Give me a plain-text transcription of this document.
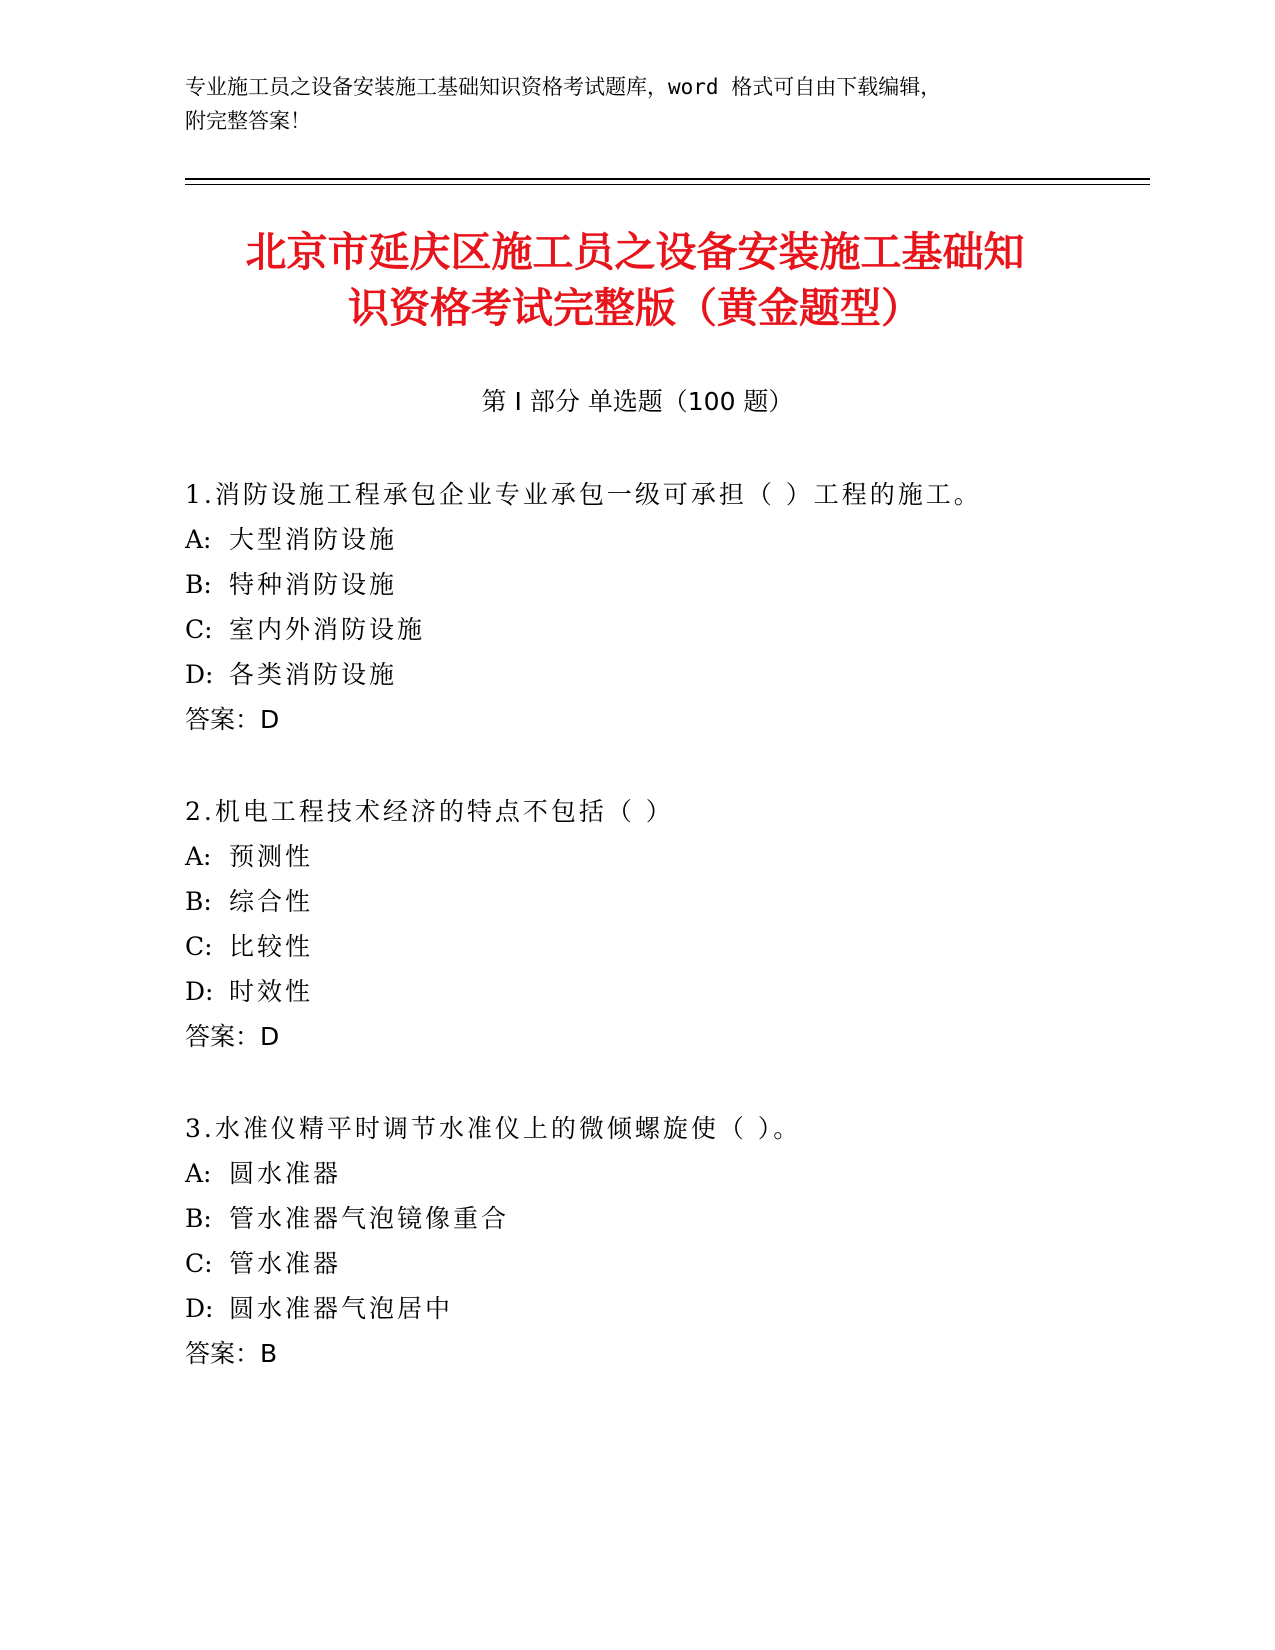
专业施工员之设备安装施工基础知识资格考试题库，word 格式可自由下载编辑，
附完整答案！
北京市延庆区施工员之设备安装施工基础知
识资格考试完整版（黄金题型）
第 I 部分 单选题（100 题）
1.消防设施工程承包企业专业承包一级可承担（ ）工程的施工。
A: 大型消防设施
B: 特种消防设施
C: 室内外消防设施
D: 各类消防设施
答案：D
2.机电工程技术经济的特点不包括（ ）
A: 预测性
B: 综合性
C: 比较性
D: 时效性
答案：D
3.水准仪精平时调节水准仪上的微倾螺旋使（ ）。
A: 圆水准器
B: 管水准器气泡镜像重合
C: 管水准器
D: 圆水准器气泡居中
答案：B
